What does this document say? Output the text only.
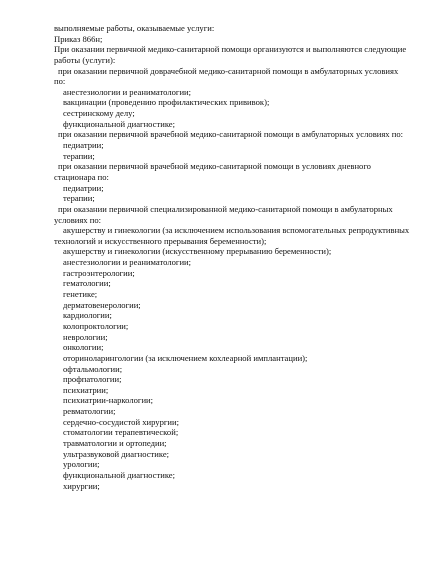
выполняемые работы, оказываемые услуги:
Приказ 866н;
При оказании первичной медико-санитарной помощи организуются и выполняются следующие
работы (услуги):
при оказании первичной доврачебной медико-санитарной помощи в амбулаторных условиях
по:
анестезиологии и реаниматологии;
вакцинации (проведению профилактических прививок);
сестринскому делу;
функциональной диагностике;
при оказании первичной врачебной медико-санитарной помощи в амбулаторных условиях по:
педиатрии;
терапии;
при оказании первичной врачебной медико-санитарной помощи в условиях дневного
стационара по:
педиатрии;
терапии;
при оказании первичной специализированной медико-санитарной помощи в амбулаторных
условиях по:
акушерству и гинекологии (за исключением использования вспомогательных репродуктивных
технологий и искусственного прерывания беременности);
акушерству и гинекологии (искусственному прерыванию беременности);
анестезиологии и реаниматологии;
гастроэнтерологии;
гематологии;
генетике;
дерматовенерологии;
кардиологии;
колопроктологии;
неврологии;
онкологии;
оториноларингологии (за исключением кохлеарной имплантации);
офтальмологии;
профпатологии;
психиатрии;
психиатрии-наркологии;
ревматологии;
сердечно-сосудистой хирургии;
стоматологии терапевтической;
травматологии и ортопедии;
ультразвуковой диагностике;
урологии;
функциональной диагностике;
хирургии;
